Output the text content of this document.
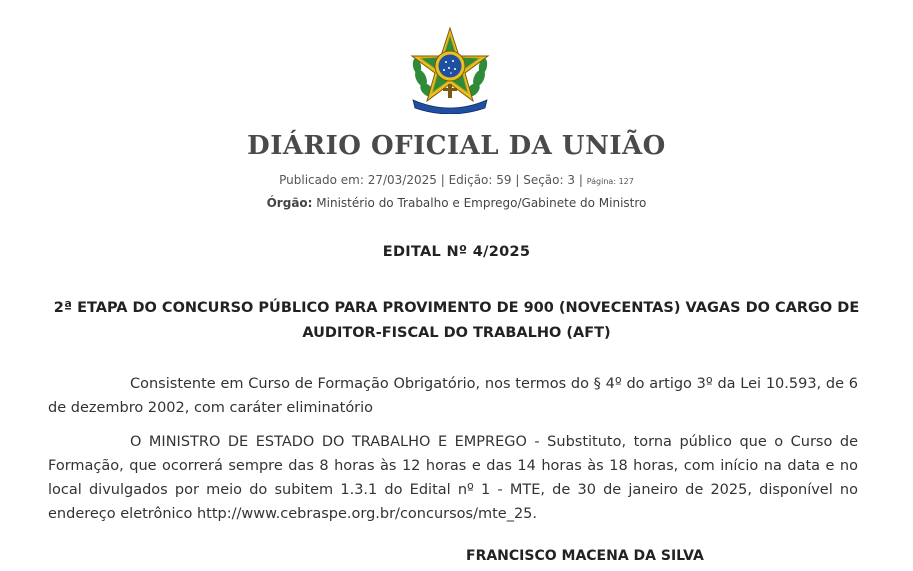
DIÁRIO OFICIAL DA UNIÃO
Publicado em: 27/03/2025 | Edição: 59 | Seção: 3 | Página: 127
Órgão: Ministério do Trabalho e Emprego/Gabinete do Ministro
EDITAL Nº 4/2025
2ª ETAPA DO CONCURSO PÚBLICO PARA PROVIMENTO DE 900 (NOVECENTAS) VAGAS DO CARGO DE AUDITOR-FISCAL DO TRABALHO (AFT)
Consistente em Curso de Formação Obrigatório, nos termos do § 4º do artigo 3º da Lei 10.593, de 6 de dezembro 2002, com caráter eliminatório
O MINISTRO DE ESTADO DO TRABALHO E EMPREGO - Substituto, torna público que o Curso de Formação, que ocorrerá sempre das 8 horas às 12 horas e das 14 horas às 18 horas, com início na data e no local divulgados por meio do subitem 1.3.1 do Edital nº 1 - MTE, de 30 de janeiro de 2025, disponível no endereço eletrônico http://www.cebraspe.org.br/concursos/mte_25.
FRANCISCO MACENA DA SILVA
